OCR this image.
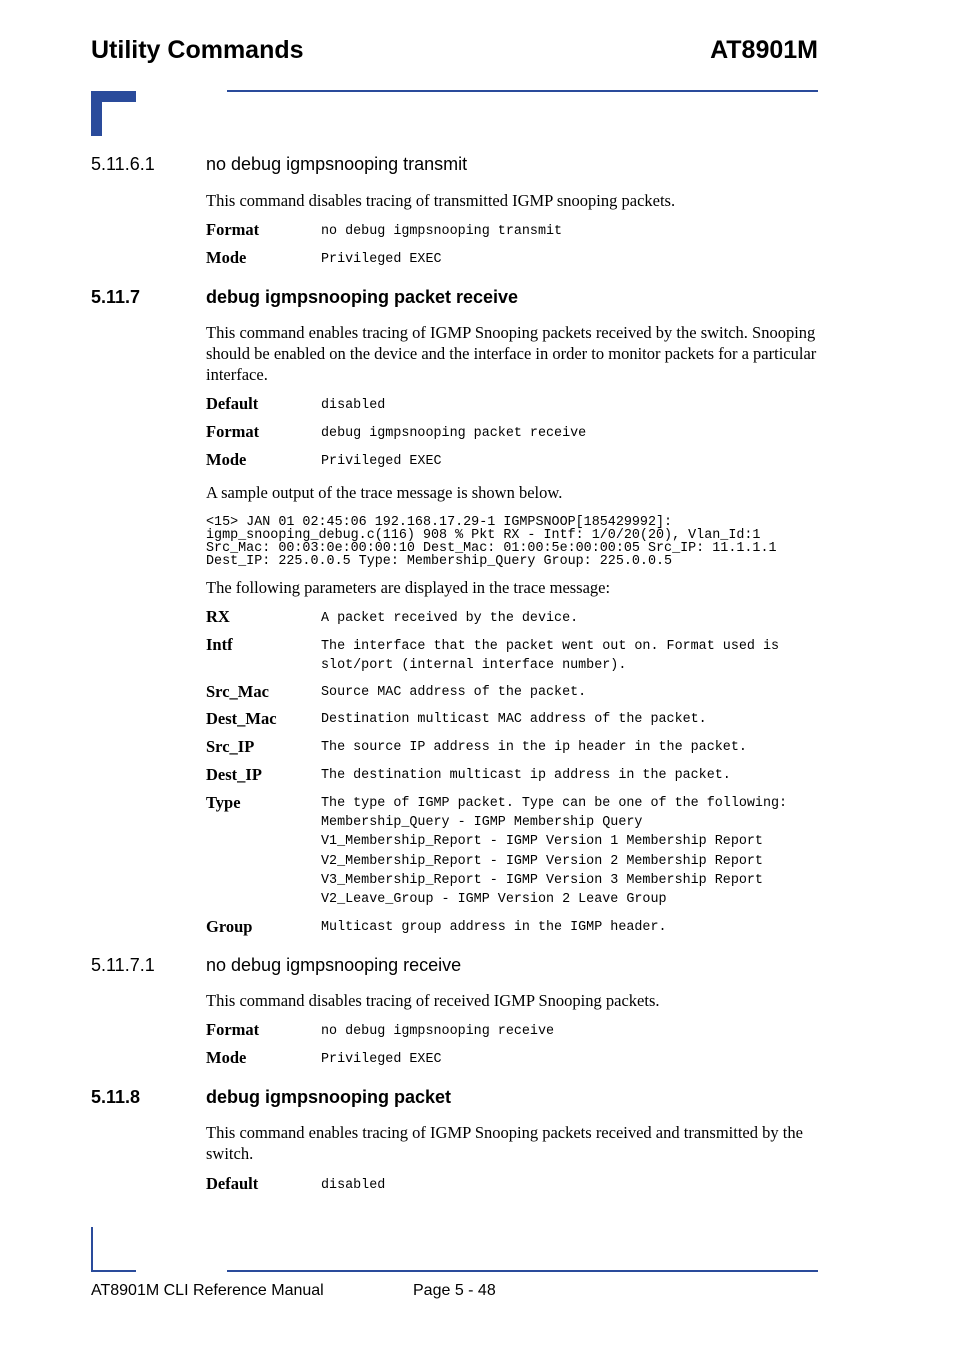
Utility Commands	AT8901M
5.11.6.1	no debug igmpsnooping transmit
This command disables tracing of transmitted IGMP snooping packets.
Format	no debug igmpsnooping transmit
Mode	Privileged EXEC
5.11.7	debug igmpsnooping packet receive
This command enables tracing of IGMP Snooping packets received by the switch. Snooping should be enabled on the device and the interface in order to monitor packets for a particular interface.
Default	disabled
Format	debug igmpsnooping packet receive
Mode	Privileged EXEC
A sample output of the trace message is shown below.
<15> JAN 01 02:45:06 192.168.17.29-1 IGMPSNOOP[185429992]:
igmp_snooping_debug.c(116) 908 % Pkt RX - Intf: 1/0/20(20), Vlan_Id:1
Src_Mac: 00:03:0e:00:00:10 Dest_Mac: 01:00:5e:00:00:05 Src_IP: 11.1.1.1
Dest_IP: 225.0.0.5 Type: Membership_Query Group: 225.0.0.5
The following parameters are displayed in the trace message:
RX	A packet received by the device.
Intf	The interface that the packet went out on. Format used is
slot/port (internal interface number).
Src_Mac	Source MAC address of the packet.
Dest_Mac	Destination multicast MAC address of the packet.
Src_IP	The source IP address in the ip header in the packet.
Dest_IP	The destination multicast ip address in the packet.
Type	The type of IGMP packet. Type can be one of the following:
Membership_Query - IGMP Membership Query
V1_Membership_Report - IGMP Version 1 Membership Report
V2_Membership_Report - IGMP Version 2 Membership Report
V3_Membership_Report - IGMP Version 3 Membership Report
V2_Leave_Group - IGMP Version 2 Leave Group
Group	Multicast group address in the IGMP header.
5.11.7.1	no debug igmpsnooping receive
This command disables tracing of received IGMP Snooping packets.
Format	no debug igmpsnooping receive
Mode	Privileged EXEC
5.11.8	debug igmpsnooping packet
This command enables tracing of IGMP Snooping packets received and transmitted by the switch.
Default	disabled
AT8901M CLI Reference Manual	Page 5 - 48
